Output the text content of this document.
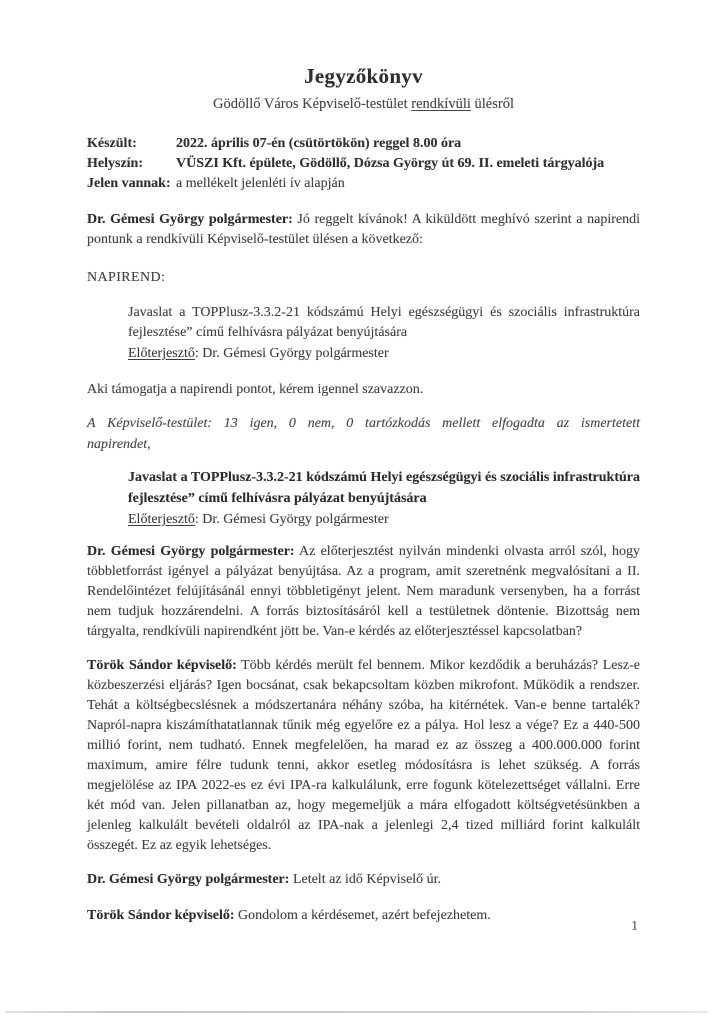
Jegyzőkönyv
Gödöllő Város Képviselő-testület rendkívüli ülésről
Készült:	2022. április 07-én (csütörtökön) reggel 8.00 óra
Helyszín:	VÜSZI Kft. épülete, Gödöllő, Dózsa György út 69. II. emeleti tárgyalója
Jelen vannak: a mellékelt jelenléti ív alapján

Dr. Gémesi György polgármester: Jó reggelt kívánok! A kiküldött meghívó szerint a napirendi pontunk a rendkívüli Képviselő-testület ülésen a következő:

NAPIREND:

Javaslat a TOPPlusz-3.3.2-21 kódszámú Helyi egészségügyi és szociális infrastruktúra fejlesztése” című felhívásra pályázat benyújtására

Előterjesztő: Dr. Gémesi György polgármester

Aki támogatja a napirendi pontot, kérem igennel szavazzon.

A Képviselő-testület: 13 igen, 0 nem, 0 tartózkodás mellett elfogadta az ismertetett napirendet,

Javaslat a TOPPlusz-3.3.2-21 kódszámú Helyi egészségügyi és szociális infrastruktúra fejlesztése” című felhívásra pályázat benyújtására

Előterjesztő: Dr. Gémesi György polgármester

Dr. Gémesi György polgármester: Az előterjesztést nyilván mindenki olvasta arról szól, hogy többletforrást igényel a pályázat benyújtása. Az a program, amit szeretnénk megvalósítani a II. Rendelőintézet felújításánál ennyi többletigényt jelent. Nem maradunk versenyben, ha a forrást nem tudjuk hozzárendelni. A forrás biztosításáról kell a testületnek döntenie. Bizottság nem tárgyalta, rendkívüli napirendként jött be. Van-e kérdés az előterjesztéssel kapcsolatban?

Török Sándor képviselő: Több kérdés merült fel bennem. Mikor kezdődik a beruházás? Lesz-e közbeszerzési eljárás? Igen bocsánat, csak bekapcsoltam közben mikrofont. Működik a rendszer. Tehát a költségbecslésnek a módszertanára néhány szóba, ha kitérnétek. Van-e benne tartalék? Napról-napra kiszámíthatatlannak tűnik még egyelőre ez a pálya. Hol lesz a vége? Ez a 440-500 millió forint, nem tudható. Ennek megfelelően, ha marad ez az összeg a 400.000.000 forint maximum, amire félre tudunk tenni, akkor esetleg módosításra is lehet szükség. A forrás megjelölése az IPA 2022-es ez évi IPA-ra kalkulálunk, erre fogunk kötelezettséget vállalni. Erre két mód van. Jelen pillanatban az, hogy megemeljük a mára elfogadott költségvetésünkben a jelenleg kalkulált bevételi oldalról az IPA-nak a jelenlegi 2,4 tized milliárd forint kalkulált összegét. Ez az egyik lehetséges.

Dr. Gémesi György polgármester: Letelt az idő Képviselő úr.

Török Sándor képviselő: Gondolom a kérdésemet, azért befejezhetem.

1
